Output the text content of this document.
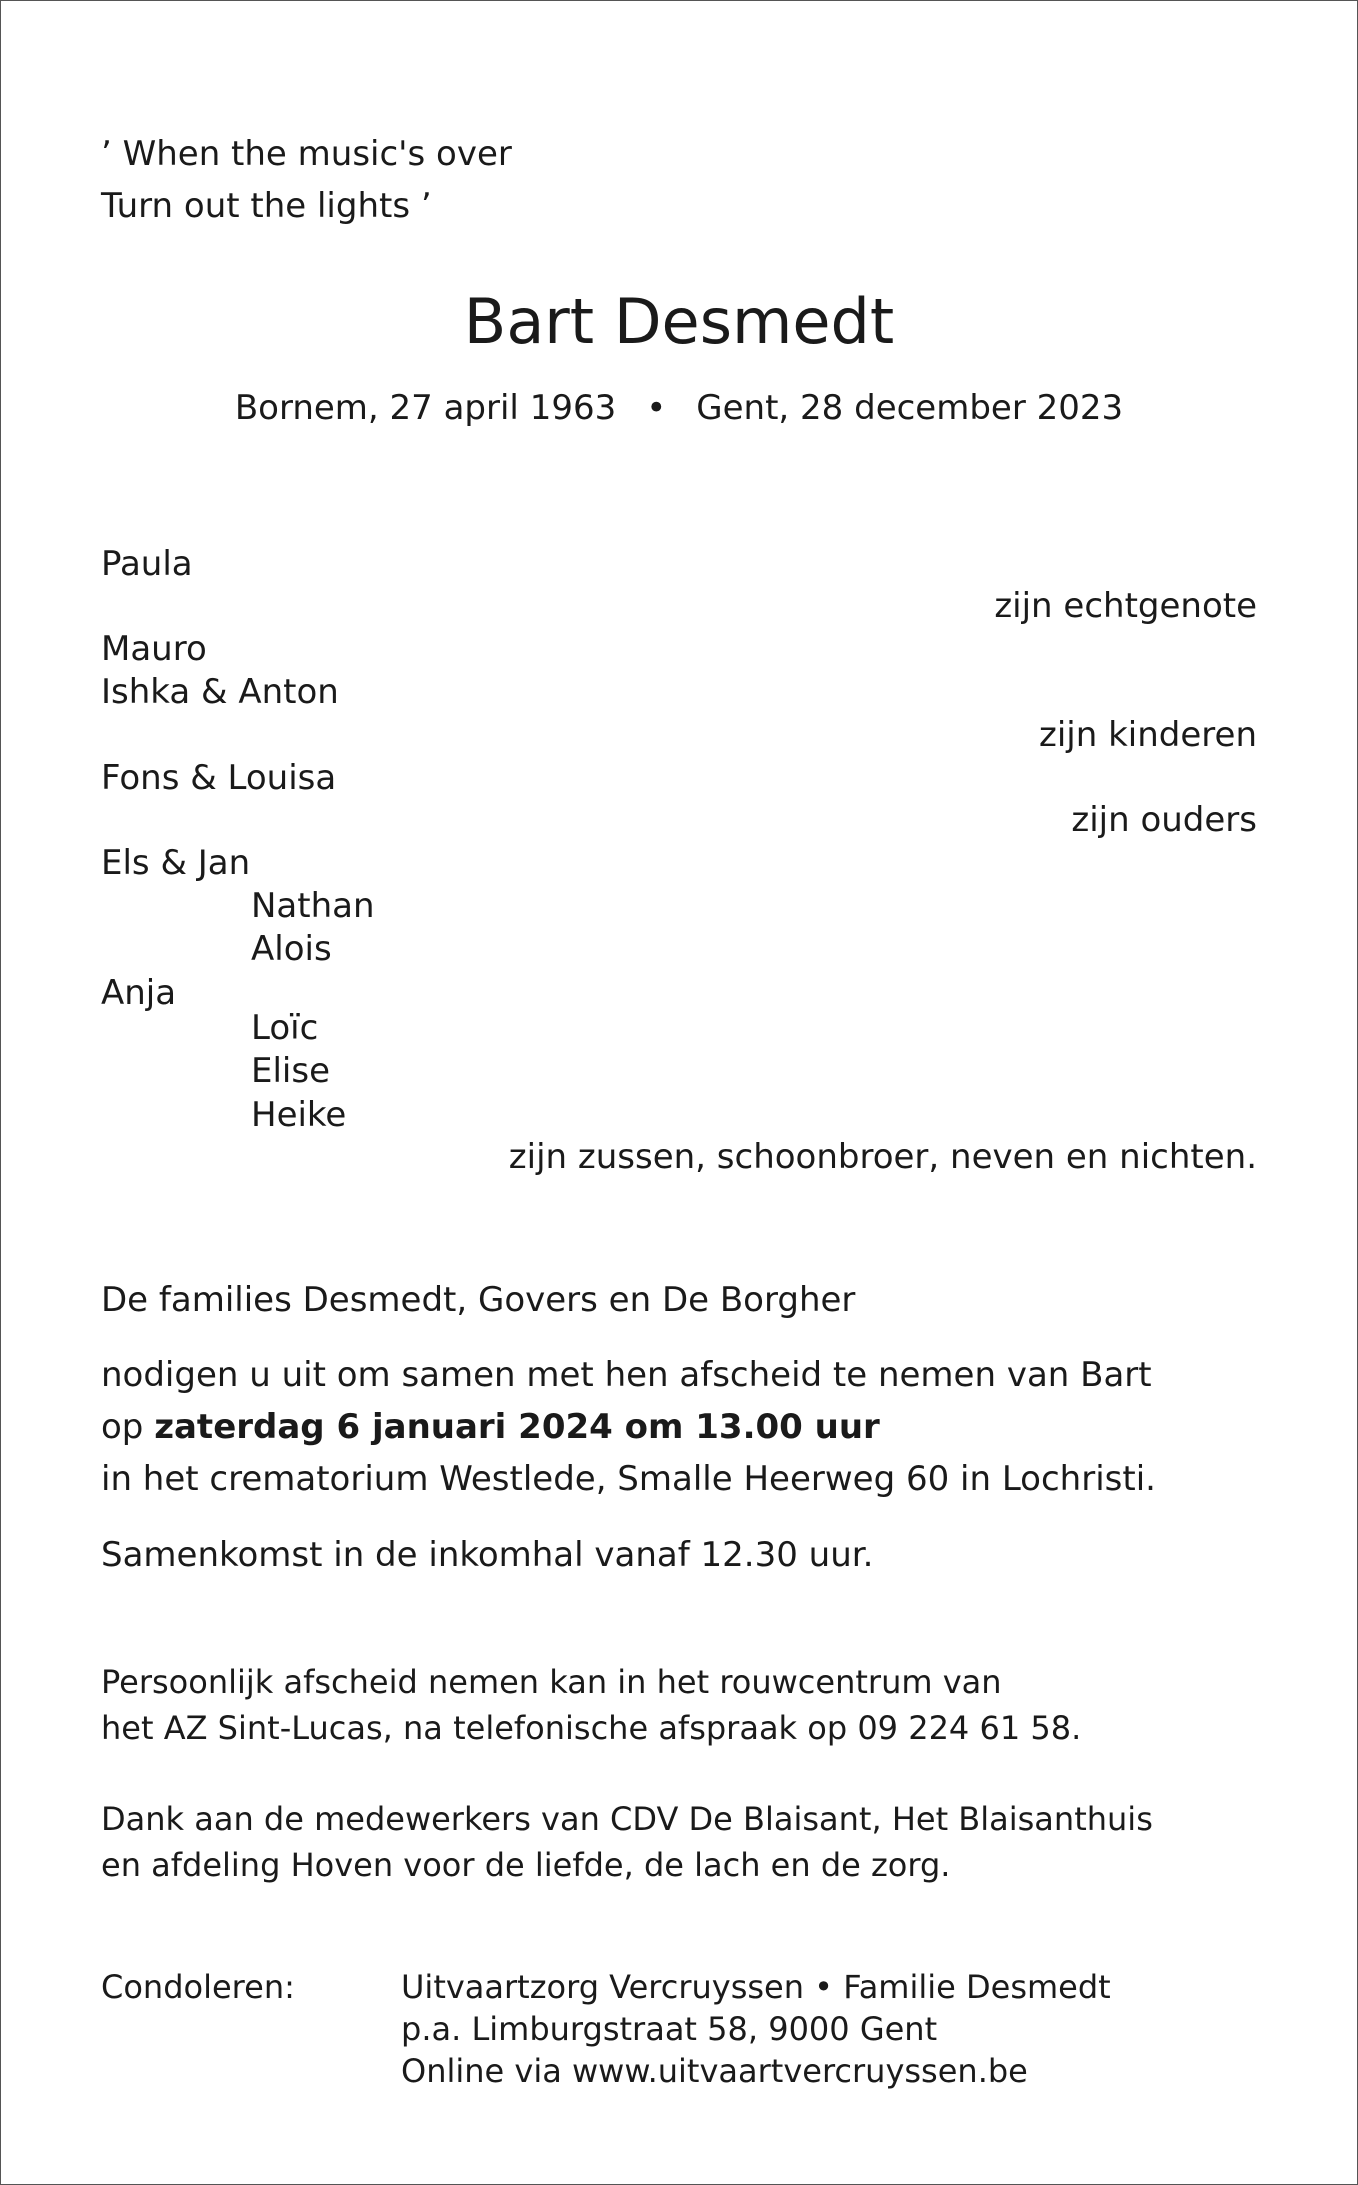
’ When the music's over

Turn out the lights ’

Bart Desmedt

Bornem, 27 april 1963 • Gent, 28 december 2023

Paula

zijn echtgenote

Mauro

Ishka & Anton

zijn kinderen

Fons & Louisa

zijn ouders

Els & Jan

Nathan

Alois

Anja

Loïc

Elise

Heike

zijn zussen, schoonbroer, neven en nichten.

De families Desmedt, Govers en De Borgher

nodigen u uit om samen met hen afscheid te nemen van Bart

op zaterdag 6 januari 2024 om 13.00 uur

in het crematorium Westlede, Smalle Heerweg 60 in Lochristi.

Samenkomst in de inkomhal vanaf 12.30 uur.

Persoonlijk afscheid nemen kan in het rouwcentrum van

het AZ Sint-Lucas, na telefonische afspraak op 09 224 61 58.

Dank aan de medewerkers van CDV De Blaisant, Het Blaisanthuis

en afdeling Hoven voor de liefde, de lach en de zorg.

Condoleren:	Uitvaartzorg Vercruyssen • Familie Desmedt

p.a. Limburgstraat 58, 9000 Gent

Online via www.uitvaartvercruyssen.be
